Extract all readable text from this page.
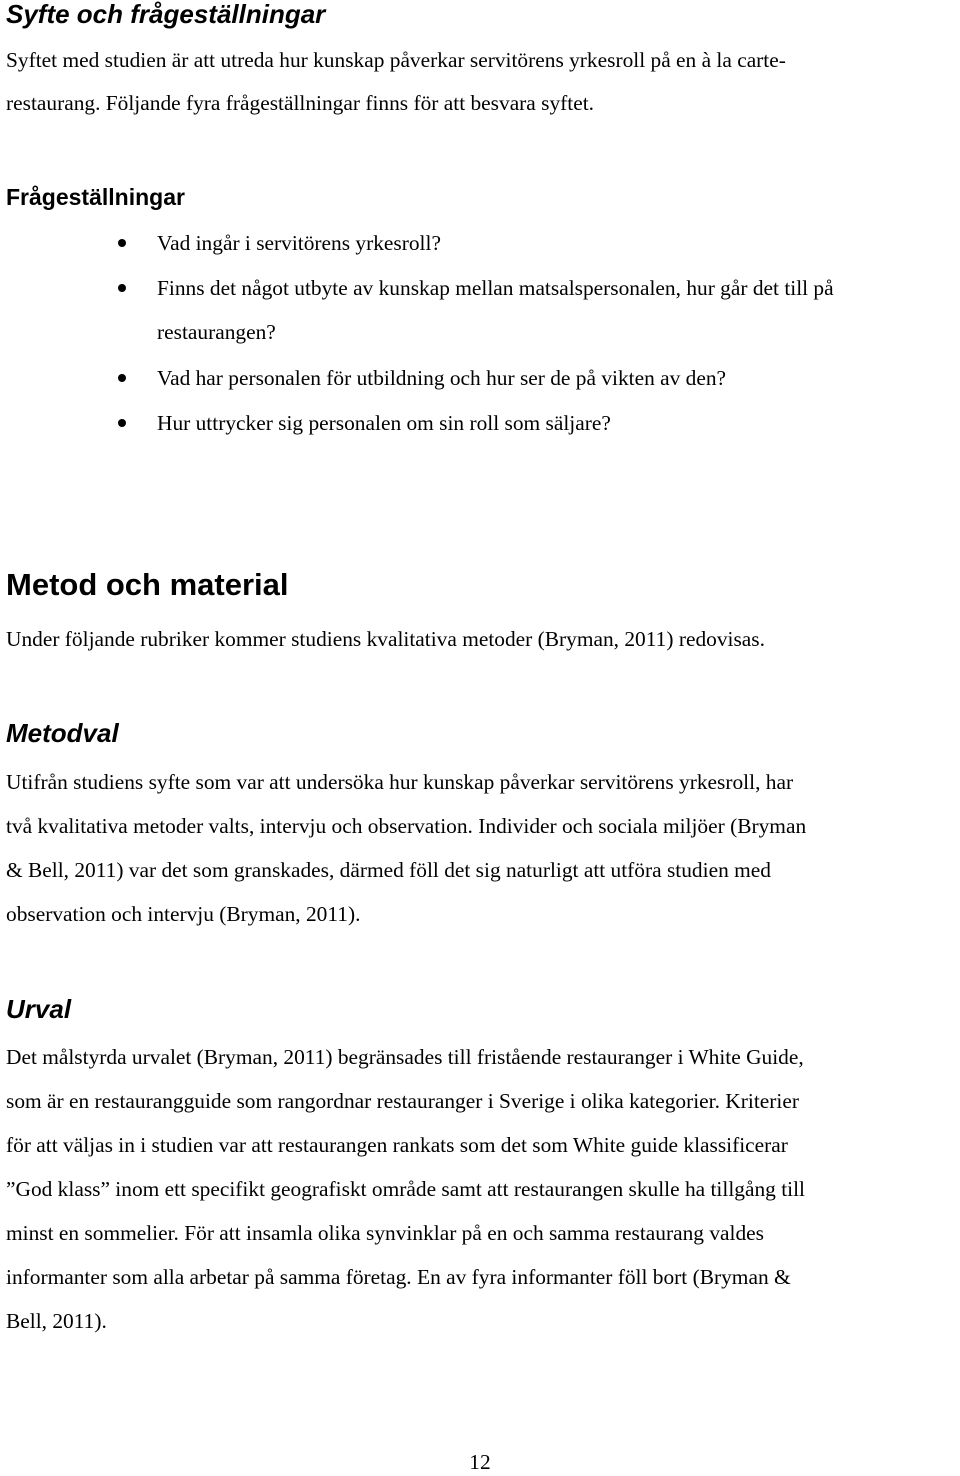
Syfte och frågeställningar

Syftet med studien är att utreda hur kunskap påverkar servitörens yrkesroll på en à la carte-

restaurang. Följande fyra frågeställningar finns för att besvara syftet.

Frågeställningar

Vad ingår i servitörens yrkesroll?

Finns det något utbyte av kunskap mellan matsalspersonalen, hur går det till på

restaurangen?

Vad har personalen för utbildning och hur ser de på vikten av den?

Hur uttrycker sig personalen om sin roll som säljare?

Metod och material

Under följande rubriker kommer studiens kvalitativa metoder (Bryman, 2011) redovisas.

Metodval

Utifrån studiens syfte som var att undersöka hur kunskap påverkar servitörens yrkesroll, har

två kvalitativa metoder valts, intervju och observation. Individer och sociala miljöer (Bryman

& Bell, 2011) var det som granskades, därmed föll det sig naturligt att utföra studien med

observation och intervju (Bryman, 2011).

Urval

Det målstyrda urvalet (Bryman, 2011) begränsades till fristående restauranger i White Guide,

som är en restaurangguide som rangordnar restauranger i Sverige i olika kategorier. Kriterier

för att väljas in i studien var att restaurangen rankats som det som White guide klassificerar

”God klass” inom ett specifikt geografiskt område samt att restaurangen skulle ha tillgång till

minst en sommelier. För att insamla olika synvinklar på en och samma restaurang valdes

informanter som alla arbetar på samma företag. En av fyra informanter föll bort (Bryman &

Bell, 2011).

12
